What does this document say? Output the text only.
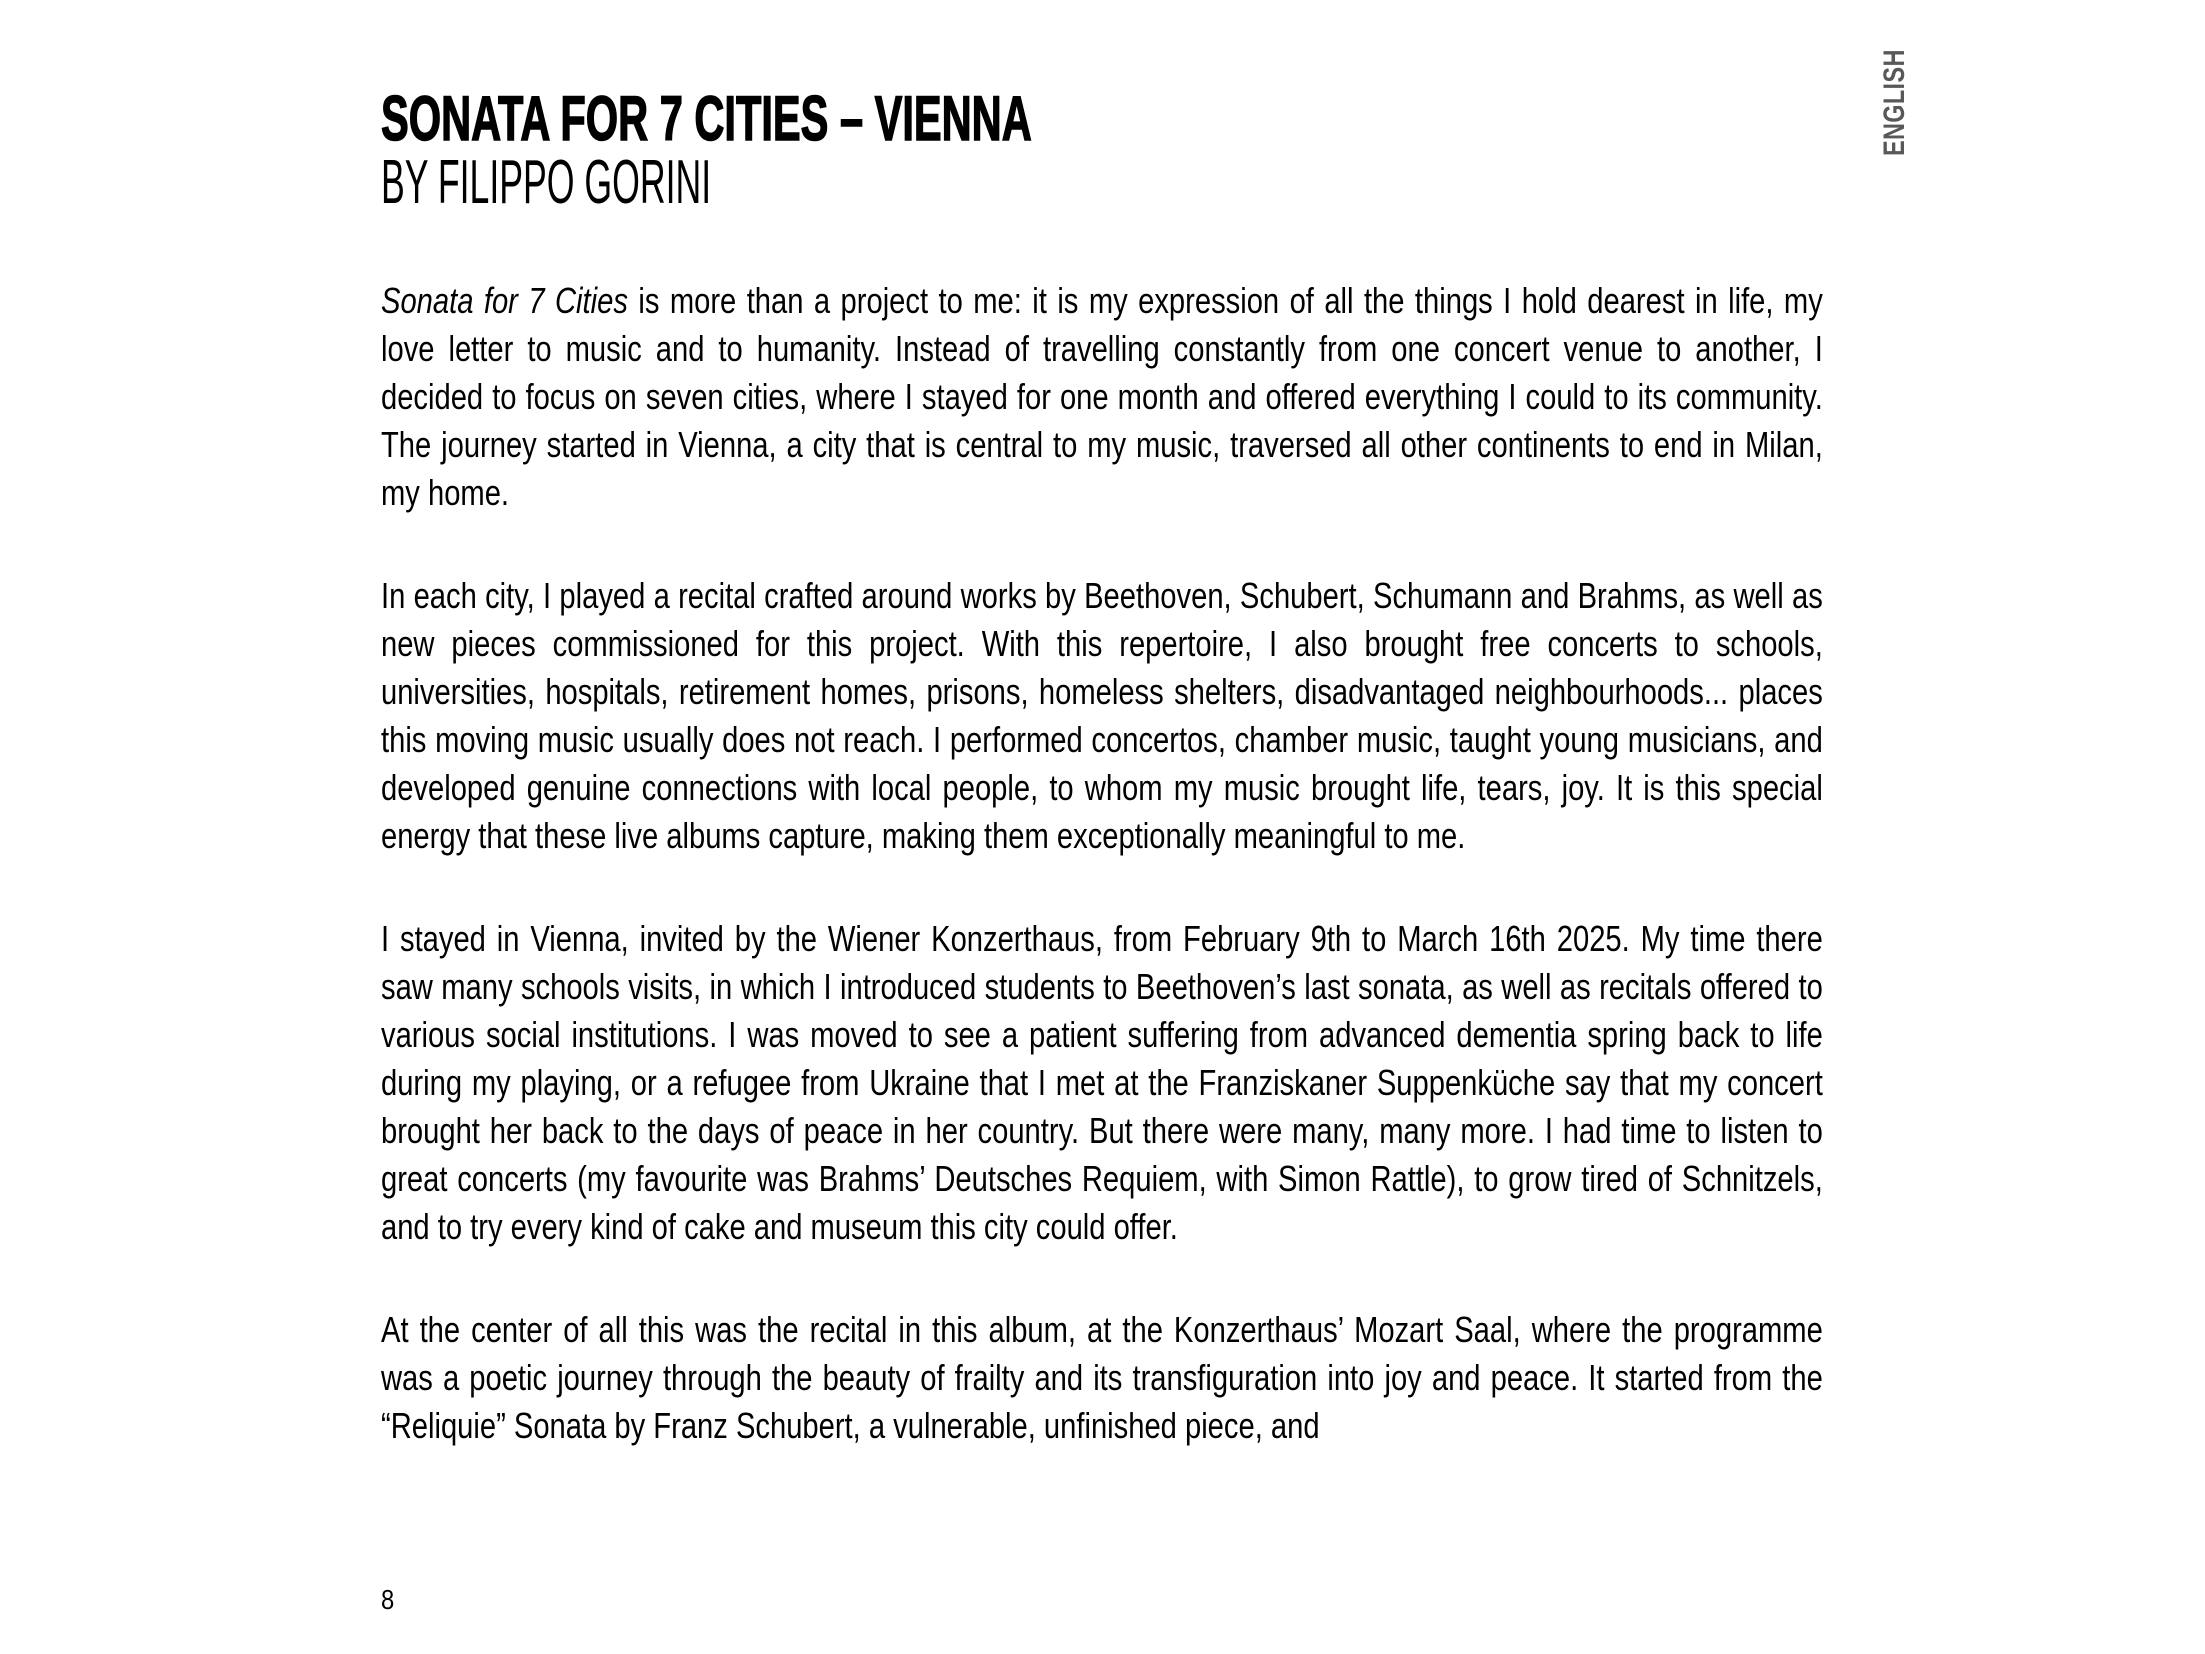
SONATA FOR 7 CITIES – VIENNA
BY FILIPPO GORINI
ENGLISH

Sonata for 7 Cities is more than a project to me: it is my expression of all the things I hold dearest in life, my love letter to music and to humanity. Instead of travelling constantly from one concert venue to another, I decided to focus on seven cities, where I stayed for one month and offered everything I could to its community. The journey started in Vienna, a city that is central to my music, traversed all other continents to end in Milan, my home.

In each city, I played a recital crafted around works by Beethoven, Schubert, Schumann and Brahms, as well as new pieces commissioned for this project. With this repertoire, I also brought free concerts to schools, universities, hospitals, retirement homes, prisons, homeless shelters, disadvantaged neighbourhoods... places this moving music usually does not reach. I performed concertos, chamber music, taught young musicians, and developed genuine connections with local people, to whom my music brought life, tears, joy. It is this special energy that these live albums capture, making them exceptionally meaningful to me.

I stayed in Vienna, invited by the Wiener Konzerthaus, from February 9th to March 16th 2025. My time there saw many schools visits, in which I introduced students to Beethoven’s last sonata, as well as recitals offered to various social institutions. I was moved to see a patient suffering from advanced dementia spring back to life during my playing, or a refugee from Ukraine that I met at the Franziskaner Suppenküche say that my concert brought her back to the days of peace in her country. But there were many, many more. I had time to listen to great concerts (my favourite was Brahms’ Deutsches Requiem, with Simon Rattle), to grow tired of Schnitzels, and to try every kind of cake and museum this city could offer.

At the center of all this was the recital in this album, at the Konzerthaus’ Mozart Saal, where the programme was a poetic journey through the beauty of frailty and its transfiguration into joy and peace. It started from the “Reliquie” Sonata by Franz Schubert, a vulnerable, unfinished piece, and

8
